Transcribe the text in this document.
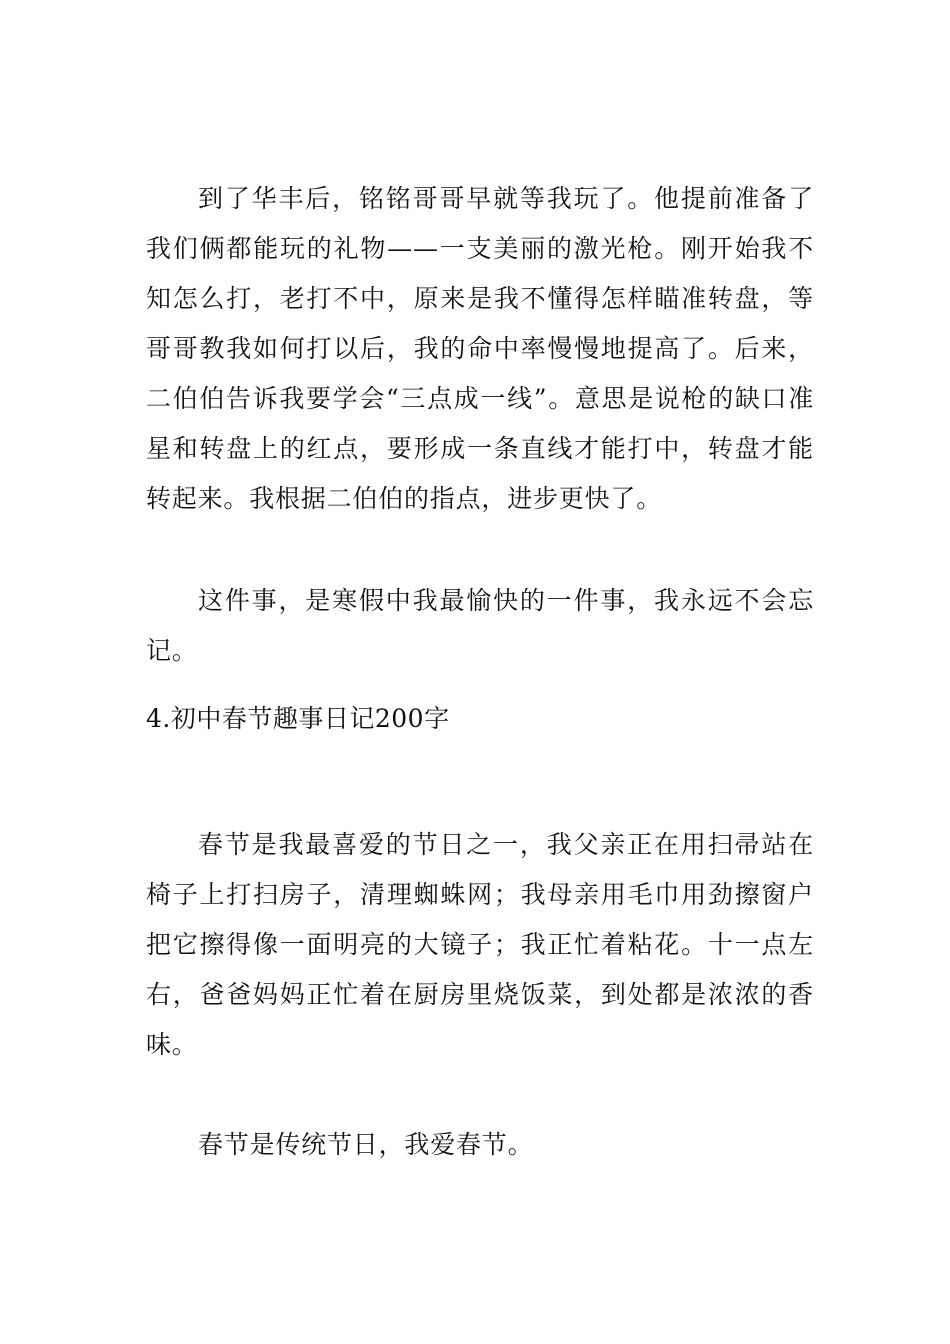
到了华丰后，铭铭哥哥早就等我玩了。他提前准备了我们俩都能玩的礼物——一支美丽的激光枪。刚开始我不知怎么打，老打不中，原来是我不懂得怎样瞄准转盘，等哥哥教我如何打以后，我的命中率慢慢地提高了。后来，二伯伯告诉我要学会“三点成一线”。意思是说枪的缺口准星和转盘上的红点，要形成一条直线才能打中，转盘才能转起来。我根据二伯伯的指点，进步更快了。

这件事，是寒假中我最愉快的一件事，我永远不会忘记。

4.初中春节趣事日记200字

春节是我最喜爱的节日之一，我父亲正在用扫帚站在椅子上打扫房子，清理蜘蛛网；我母亲用毛巾用劲擦窗户把它擦得像一面明亮的大镜子；我正忙着粘花。十一点左右，爸爸妈妈正忙着在厨房里烧饭菜，到处都是浓浓的香味。

春节是传统节日，我爱春节。
